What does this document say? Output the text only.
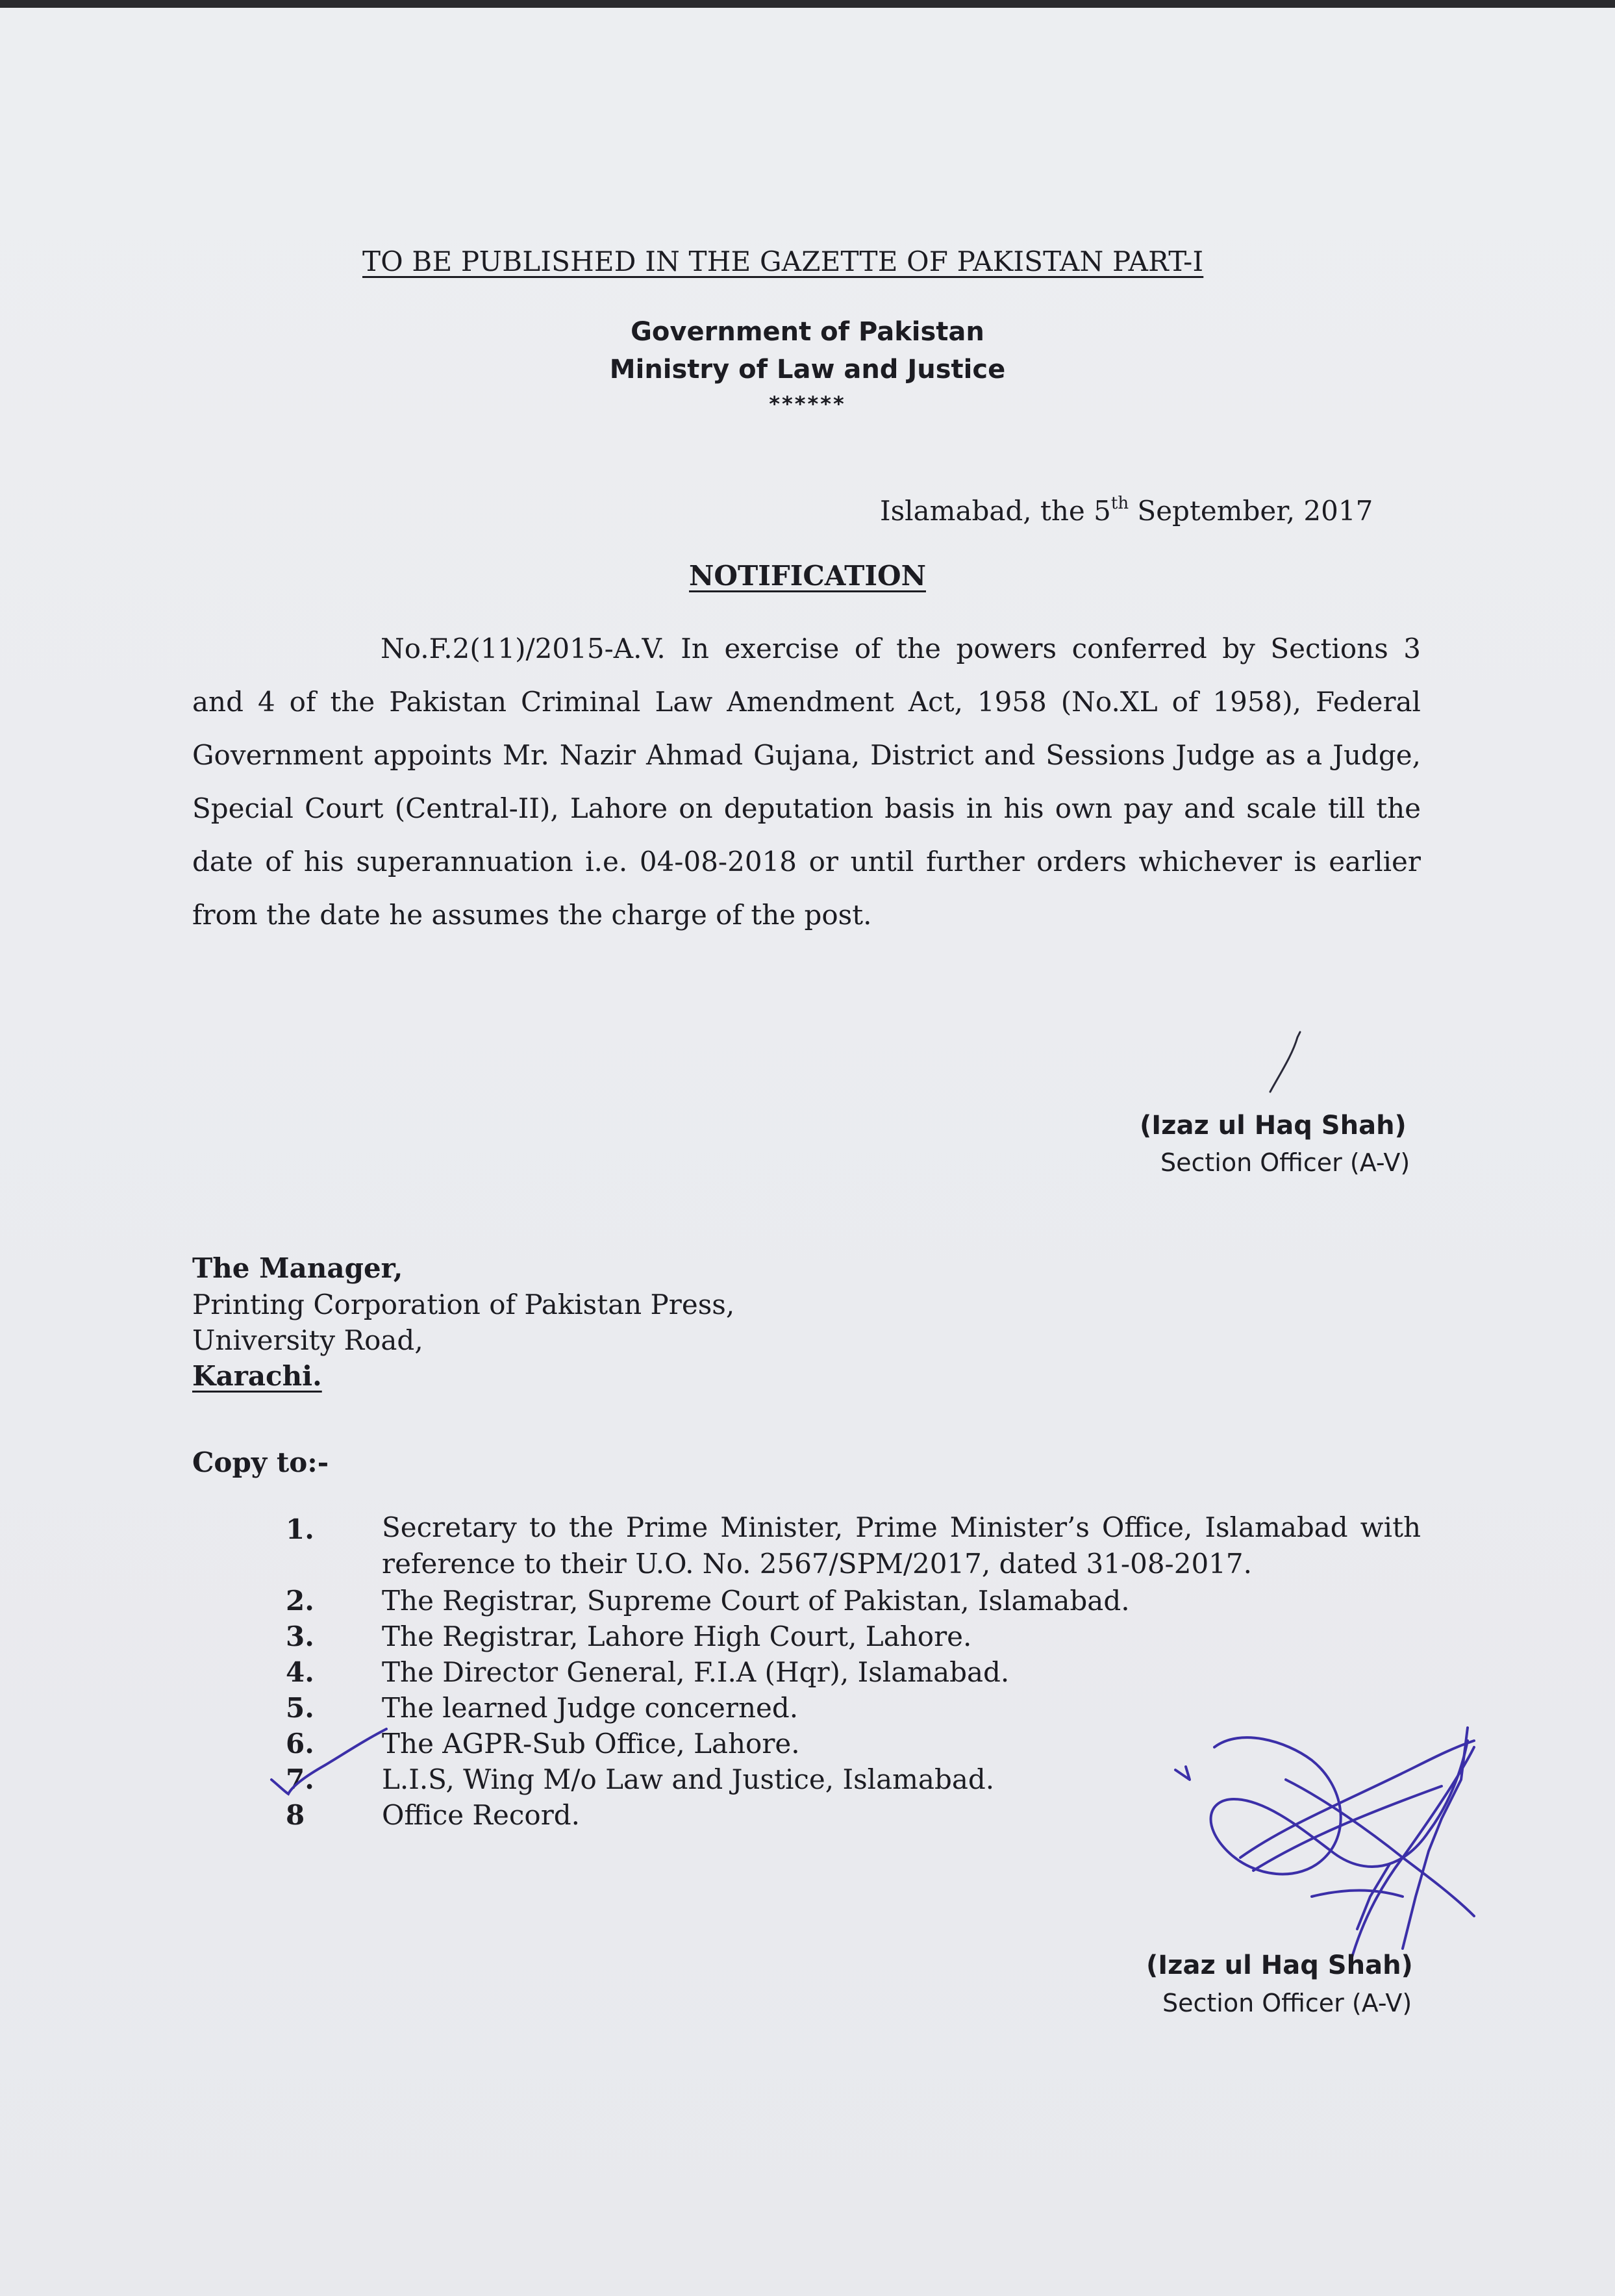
TO BE PUBLISHED IN THE GAZETTE OF PAKISTAN PART-I
Government of Pakistan
Ministry of Law and Justice
******
Islamabad, the 5th September, 2017
NOTIFICATION
No.F.2(11)/2015-A.V. In exercise of the powers conferred by Sections 3 and 4 of the Pakistan Criminal Law Amendment Act, 1958 (No.XL of 1958), Federal Government appoints Mr. Nazir Ahmad Gujana, District and Sessions Judge as a Judge, Special Court (Central-II), Lahore on deputation basis in his own pay and scale till the date of his superannuation i.e. 04-08-2018 or until further orders whichever is earlier from the date he assumes the charge of the post.
(Izaz ul Haq Shah)
Section Officer (A-V)
The Manager,
Printing Corporation of Pakistan Press,
University Road,
Karachi.
Copy to:-
1. Secretary to the Prime Minister, Prime Minister’s Office, Islamabad with reference to their U.O. No. 2567/SPM/2017, dated 31-08-2017.
2. The Registrar, Supreme Court of Pakistan, Islamabad.
3. The Registrar, Lahore High Court, Lahore.
4. The Director General, F.I.A (Hqr), Islamabad.
5. The learned Judge concerned.
6. The AGPR-Sub Office, Lahore.
7. L.I.S, Wing M/o Law and Justice, Islamabad.
8	Office Record.
(Izaz ul Haq Shah)
Section Officer (A-V)
